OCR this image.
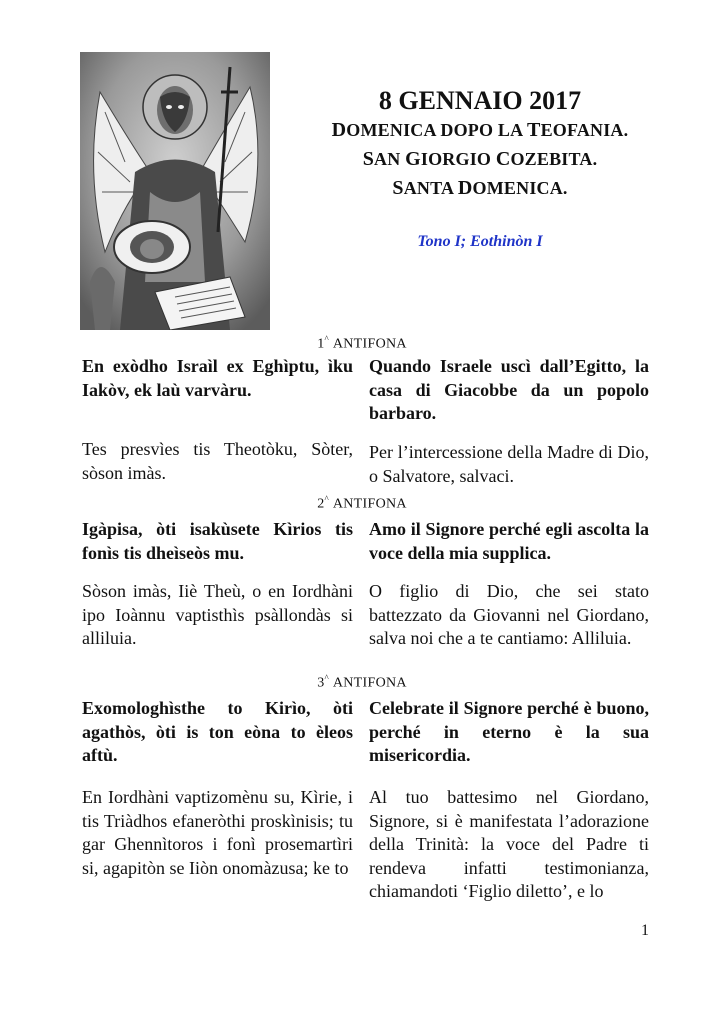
8 GENNAIO 2017
DOMENICA DOPO LA TEOFANIA.
SAN GIORGIO COZEBITA.
SANTA DOMENICA.
Tono I; Eothinòn I
1^ ANTIFONA
En exòdho Israìl ex Eghìptu, ìku Iakòv, ek laù varvàru.
Quando Israele uscì dall’Egitto, la casa di Giacobbe da un popolo barbaro.
Tes presvìes tis Theotòku, Sòter, sòson imàs.
Per l’intercessione della Madre di Dio, o Salvatore, salvaci.
2^ ANTIFONA
Igàpisa, òti isakùsete Kìrios tis fonìs tis dheìseòs mu.
Amo il Signore perché egli ascolta la voce della mia supplica.
Sòson imàs, Iiè Theù, o en Iordhàni ipo Ioànnu vaptisthìs psàllondàs si alliluia.
O figlio di Dio, che sei stato battezzato da Giovanni nel Giordano, salva noi che a te cantiamo: Alliluia.
3^ ANTIFONA
Exomologhìsthe to Kirìo, òti agathòs, òti is ton eòna to èleos aftù.
Celebrate il Signore perché è buono, perché in eterno è la sua misericordia.
En Iordhàni vaptizomènu su, Kìrie, i tis Triàdhos efaneròthi proskìnisis; tu gar Ghennìtoros i fonì prosemartìri si, agapitòn se Iiòn onomàzusa; ke to
Al tuo battesimo nel Giordano, Signore, si è manifestata l’adorazione della Trinità: la voce del Padre ti rendeva infatti testimonianza, chiamandoti ‘Figlio diletto’, e lo
1
